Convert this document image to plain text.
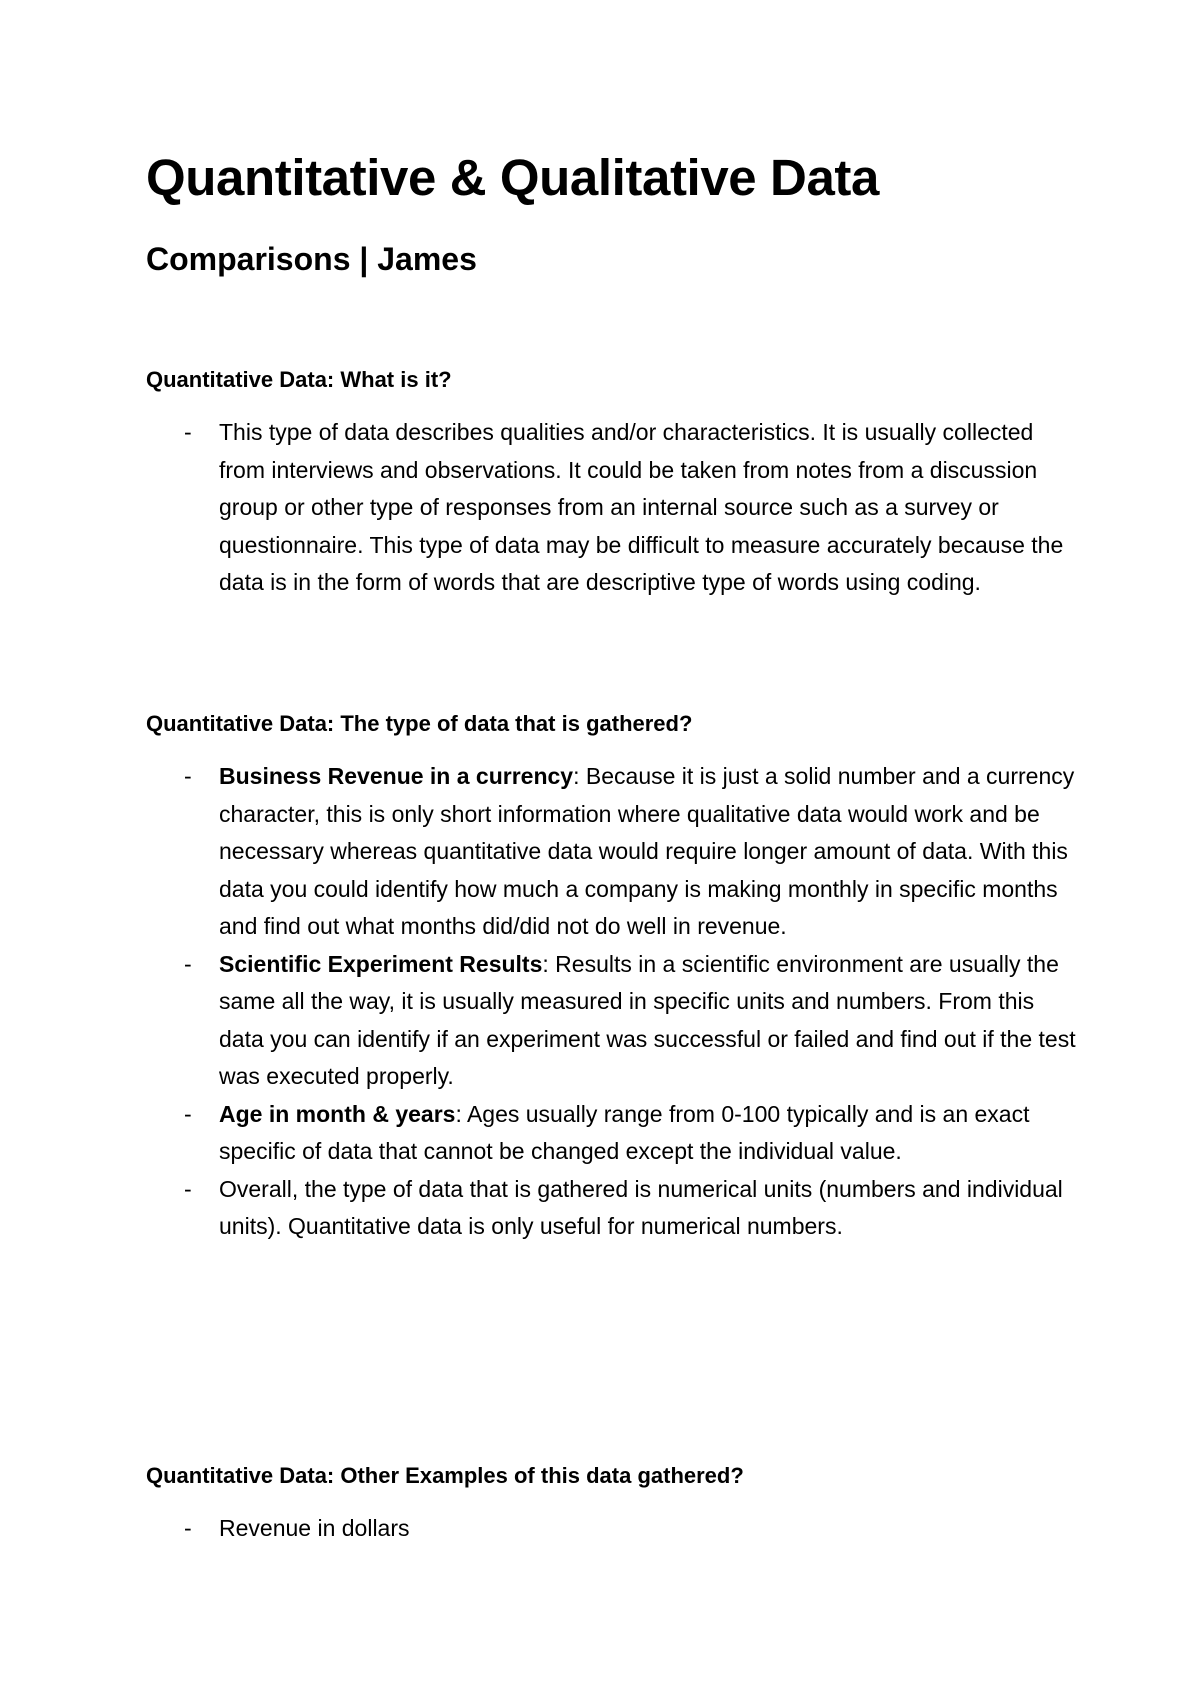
Quantitative & Qualitative Data
Comparisons | James
Quantitative Data: What is it?
- This type of data describes qualities and/or characteristics. It is usually collected from interviews and observations. It could be taken from notes from a discussion group or other type of responses from an internal source such as a survey or questionnaire. This type of data may be difficult to measure accurately because the data is in the form of words that are descriptive type of words using coding.
Quantitative Data: The type of data that is gathered?
- Business Revenue in a currency: Because it is just a solid number and a currency character, this is only short information where qualitative data would work and be necessary whereas quantitative data would require longer amount of data. With this data you could identify how much a company is making monthly in specific months and find out what months did/did not do well in revenue.
- Scientific Experiment Results: Results in a scientific environment are usually the same all the way, it is usually measured in specific units and numbers. From this data you can identify if an experiment was successful or failed and find out if the test was executed properly.
- Age in month & years: Ages usually range from 0-100 typically and is an exact specific of data that cannot be changed except the individual value.
- Overall, the type of data that is gathered is numerical units (numbers and individual units). Quantitative data is only useful for numerical numbers.
Quantitative Data: Other Examples of this data gathered?
- Revenue in dollars
